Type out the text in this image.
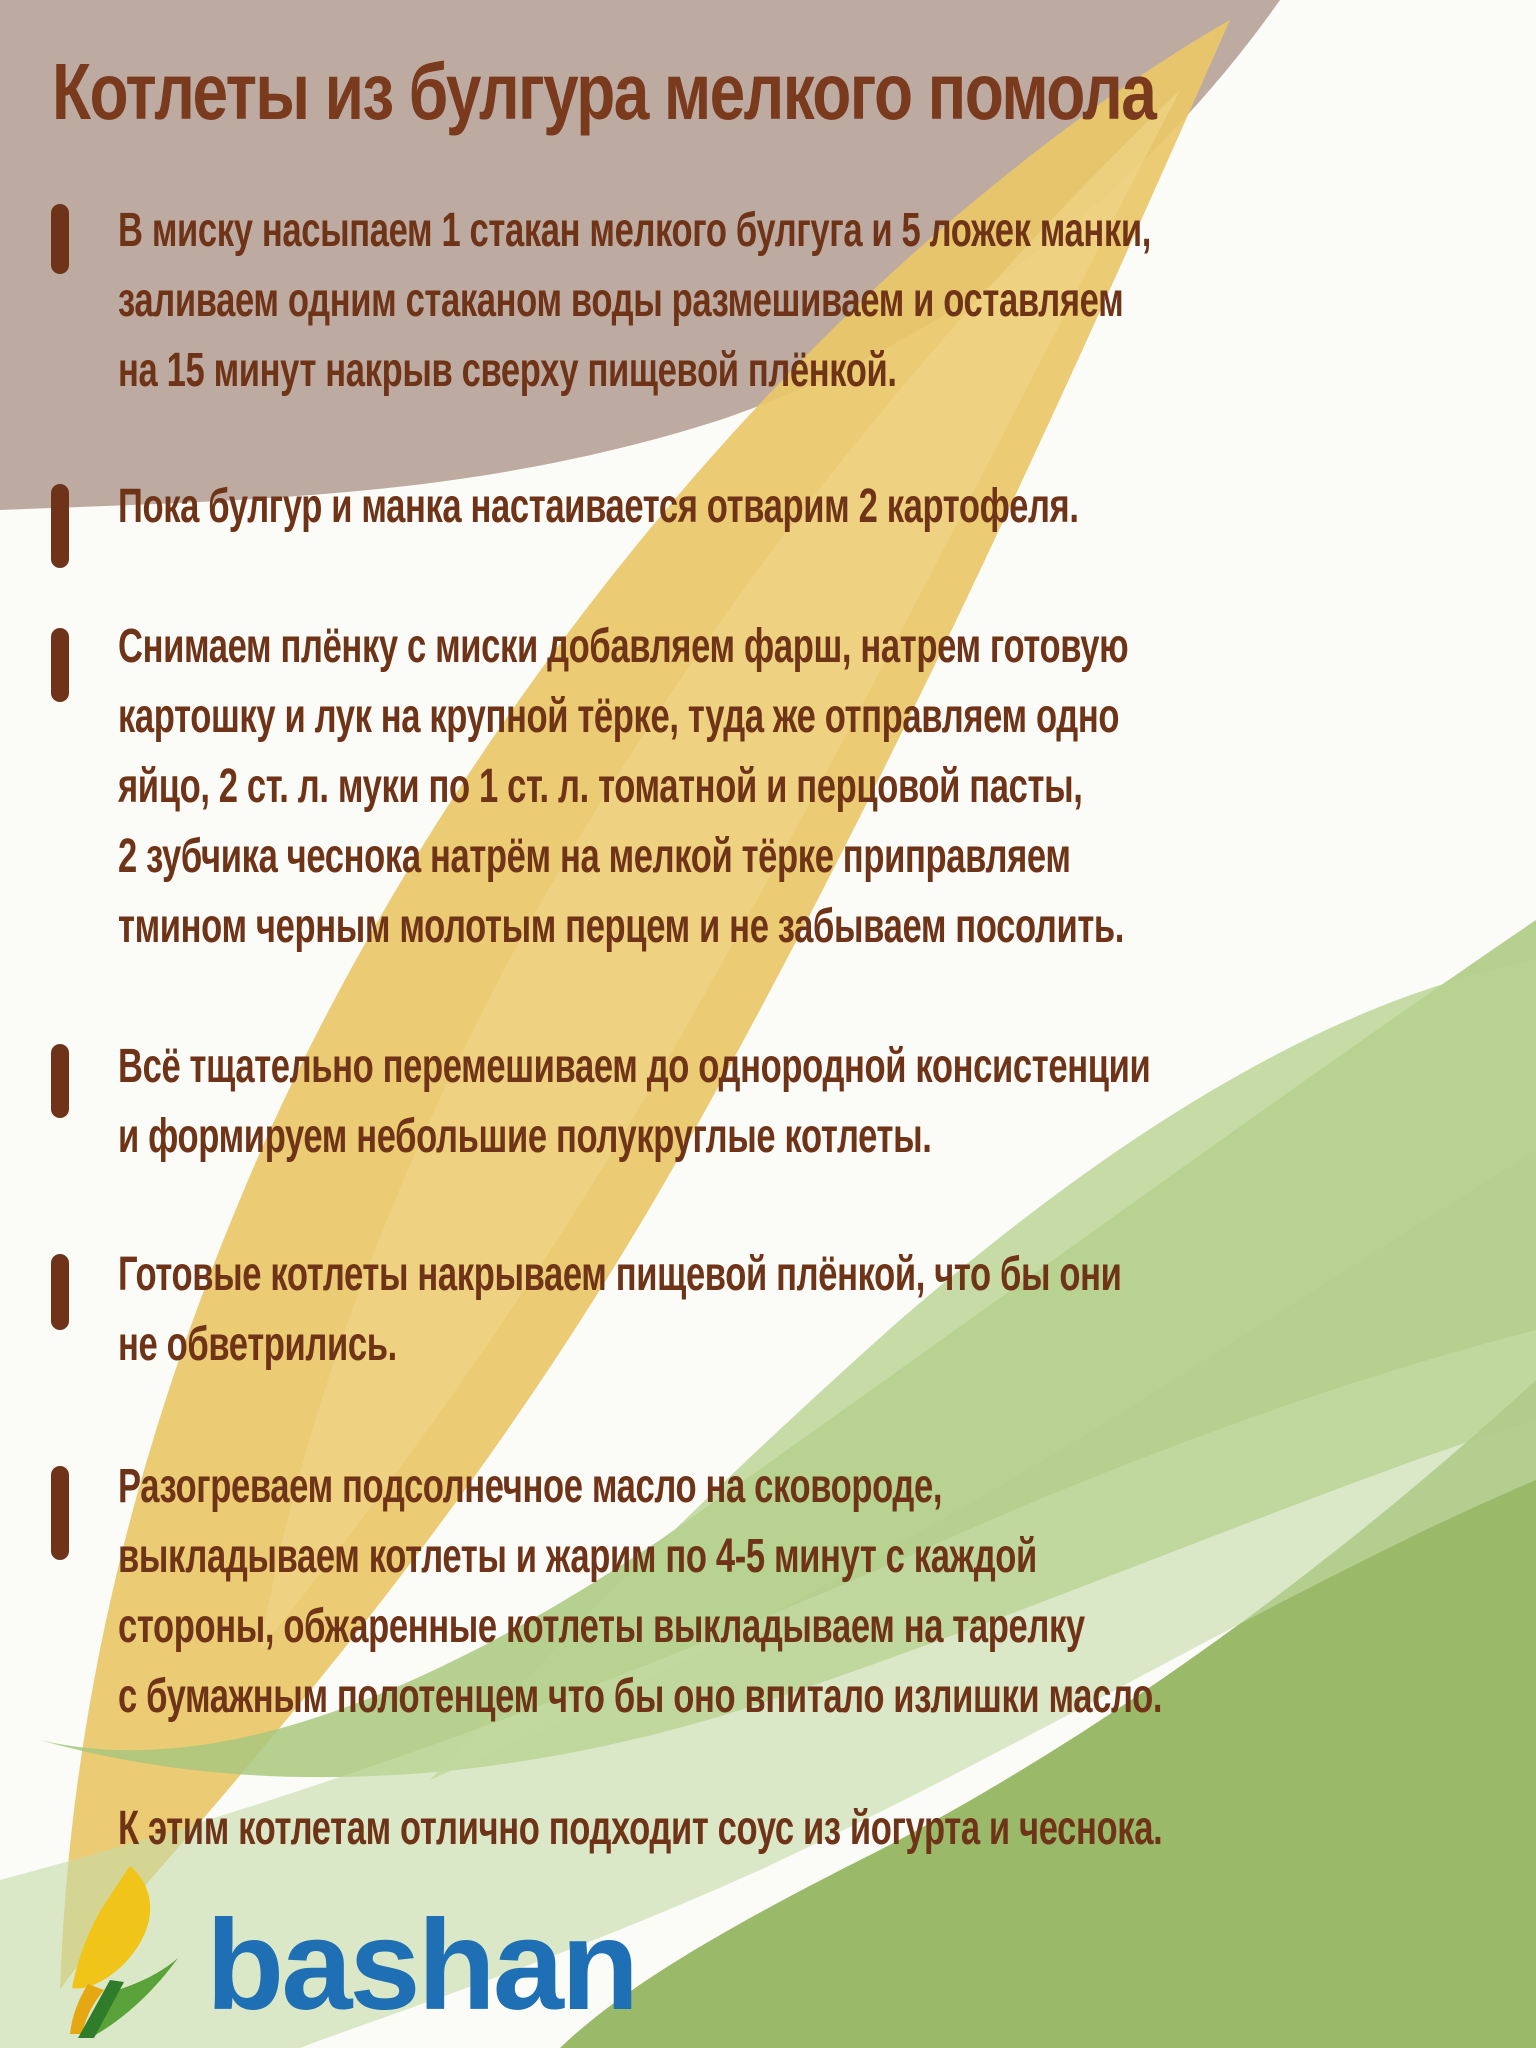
Котлеты из булгура мелкого помола
В миску насыпаем 1 стакан мелкого булгуга и 5 ложек манки,
заливаем одним стаканом воды размешиваем и оставляем
на 15 минут накрыв сверху пищевой плёнкой.
Пока булгур и манка настаивается отварим 2 картофеля.
Снимаем плёнку с миски добавляем фарш, натрем готовую
картошку и лук на крупной тёрке, туда же отправляем одно
яйцо, 2 ст. л. муки по 1 ст. л. томатной и перцовой пасты,
2 зубчика чеснока натрём на мелкой тёрке приправляем
тмином черным молотым перцем и не забываем посолить.
Всё тщательно перемешиваем до однородной консистенции
и формируем небольшие полукруглые котлеты.
Готовые котлеты накрываем пищевой плёнкой, что бы они
не обветрились.
Разогреваем подсолнечное масло на сковороде,
выкладываем котлеты и жарим по 4-5 минут с каждой
стороны, обжаренные котлеты выкладываем на тарелку
с бумажным полотенцем что бы оно впитало излишки масло.
К этим котлетам отлично подходит соус из йогурта и чеснока.
bashan
